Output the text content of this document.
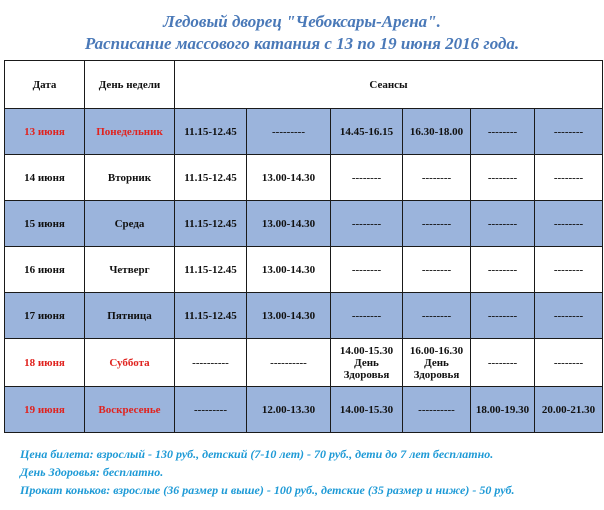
Ледовый дворец "Чебоксары-Арена".
Расписание массового катания с 13 по 19 июня 2016 года.
Дата	День недели	Сеансы					
13 июня	Понедельник	11.15-12.45	---------	14.45-16.15	16.30-18.00	--------	--------
14 июня	Вторник	11.15-12.45	13.00-14.30	--------	--------	--------	--------
15 июня	Среда	11.15-12.45	13.00-14.30	--------	--------	--------	--------
16 июня	Четверг	11.15-12.45	13.00-14.30	--------	--------	--------	--------
17 июня	Пятница	11.15-12.45	13.00-14.30	--------	--------	--------	--------
18 июня	Суббота	----------	----------	14.00-15.30 День Здоровья	16.00-16.30 День Здоровья	--------	--------
19 июня	Воскресенье	---------	12.00-13.30	14.00-15.30	----------	18.00-19.30	20.00-21.30
Цена билета: взрослый - 130 руб., детский (7-10 лет) - 70 руб., дети до 7 лет бесплатно.
День Здоровья: бесплатно.
Прокат коньков: взрослые (36 размер и выше) - 100 руб., детские (35 размер и ниже) - 50 руб.
